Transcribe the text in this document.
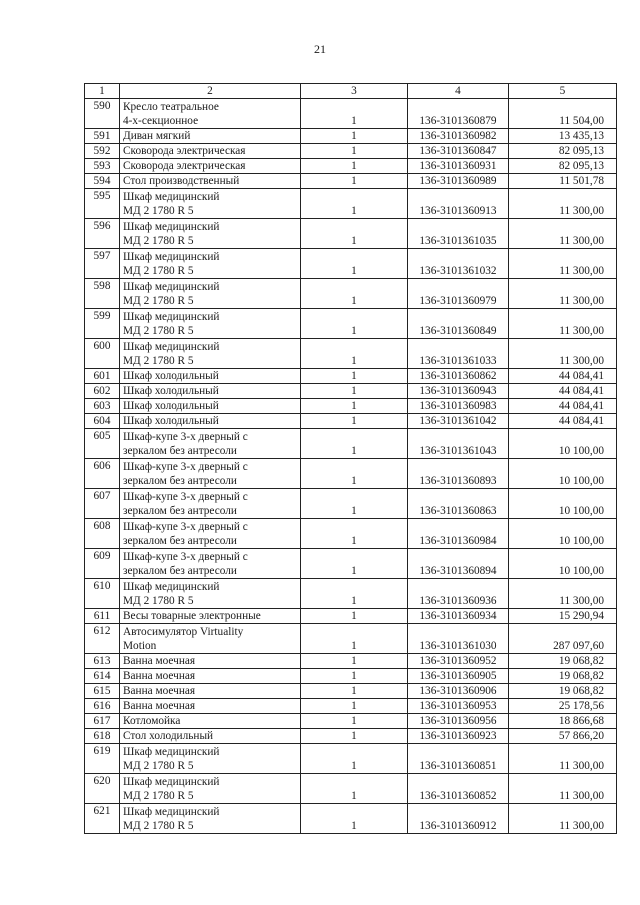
21
1	2	3	4	5
590	Кресло театральное
4-х-секционное	1	136-3101360879	11 504,00
591	Диван мягкий	1	136-3101360982	13 435,13
592	Сковорода электрическая	1	136-3101360847	82 095,13
593	Сковорода электрическая	1	136-3101360931	82 095,13
594	Стол производственный	1	136-3101360989	11 501,78
595	Шкаф медицинский
МД 2 1780 R 5	1	136-3101360913	11 300,00
596	Шкаф медицинский
МД 2 1780 R 5	1	136-3101361035	11 300,00
597	Шкаф медицинский
МД 2 1780 R 5	1	136-3101361032	11 300,00
598	Шкаф медицинский
МД 2 1780 R 5	1	136-3101360979	11 300,00
599	Шкаф медицинский
МД 2 1780 R 5	1	136-3101360849	11 300,00
600	Шкаф медицинский
МД 2 1780 R 5	1	136-3101361033	11 300,00
601	Шкаф холодильный	1	136-3101360862	44 084,41
602	Шкаф холодильный	1	136-3101360943	44 084,41
603	Шкаф холодильный	1	136-3101360983	44 084,41
604	Шкаф холодильный	1	136-3101361042	44 084,41
605	Шкаф-купе 3-х дверный с
зеркалом без антресоли	1	136-3101361043	10 100,00
606	Шкаф-купе 3-х дверный с
зеркалом без антресоли	1	136-3101360893	10 100,00
607	Шкаф-купе 3-х дверный с
зеркалом без антресоли	1	136-3101360863	10 100,00
608	Шкаф-купе 3-х дверный с
зеркалом без антресоли	1	136-3101360984	10 100,00
609	Шкаф-купе 3-х дверный с
зеркалом без антресоли	1	136-3101360894	10 100,00
610	Шкаф медицинский
МД 2 1780 R 5	1	136-3101360936	11 300,00
611	Весы товарные электронные	1	136-3101360934	15 290,94
612	Автосимулятор Virtuality
Motion	1	136-3101361030	287 097,60
613	Ванна моечная	1	136-3101360952	19 068,82
614	Ванна моечная	1	136-3101360905	19 068,82
615	Ванна моечная	1	136-3101360906	19 068,82
616	Ванна моечная	1	136-3101360953	25 178,56
617	Котломойка	1	136-3101360956	18 866,68
618	Стол холодильный	1	136-3101360923	57 866,20
619	Шкаф медицинский
МД 2 1780 R 5	1	136-3101360851	11 300,00
620	Шкаф медицинский
МД 2 1780 R 5	1	136-3101360852	11 300,00
621	Шкаф медицинский
МД 2 1780 R 5	1	136-3101360912	11 300,00
